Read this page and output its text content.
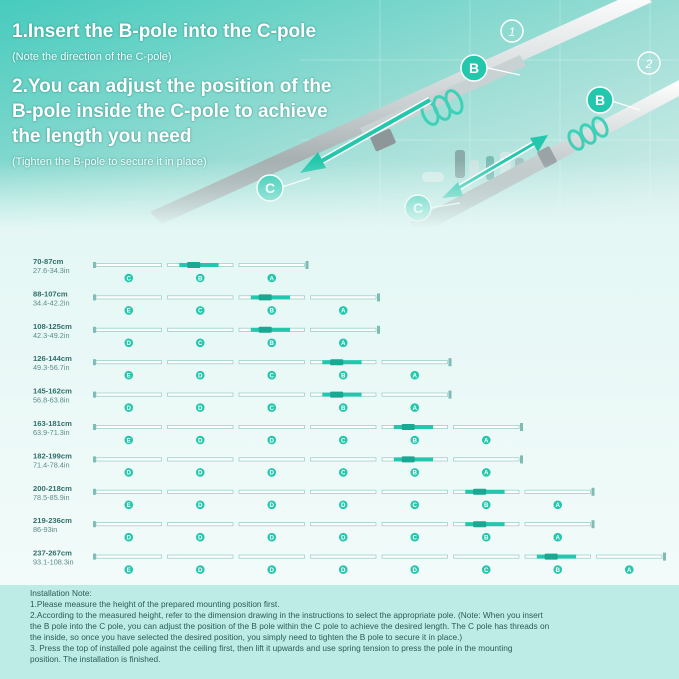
1.Insert the B-pole into the C-pole
(Note the direction of the C-pole)
2.You can adjust the position of the
B-pole inside the C-pole to achieve
the length you need
(Tighten the B-pole to secure it in place)
70-87cm
27.6-34.3in
C	B	A
88-107cm
34.4-42.2in
E	C	B	A
108-125cm
42.3-49.2in
D	C	B	A
126-144cm
49.3-56.7in
E	D	C	B	A
145-162cm
56.8-63.8in
D	D	C	B	A
163-181cm
63.9-71.3in
E	D	D	C	B	A
182-199cm
71.4-78.4in
D	D	D	C	B	A
200-218cm
78.5-85.9in
E	D	D	D	C	B	A
219-236cm
86-93in
D	D	D	D	C	B	A
237-267cm
93.1-108.3in
E	D	D	D	D	C	B	A
Installation Note:
1.Please measure the height of the prepared mounting position first.
2.According to the measured height, refer to the dimension drawing in the instructions to select the appropriate pole. (Note: When you insert
the B pole into the C pole, you can adjust the position of the B pole within the C pole to achieve the desired length. The C pole has threads on
the inside, so once you have selected the desired position, you simply need to tighten the B pole to secure it in place.)
3. Press the top of installed pole against the ceiling first, then lift it upwards and use spring tension to press the pole in the mounting
position. The installation is finished.
